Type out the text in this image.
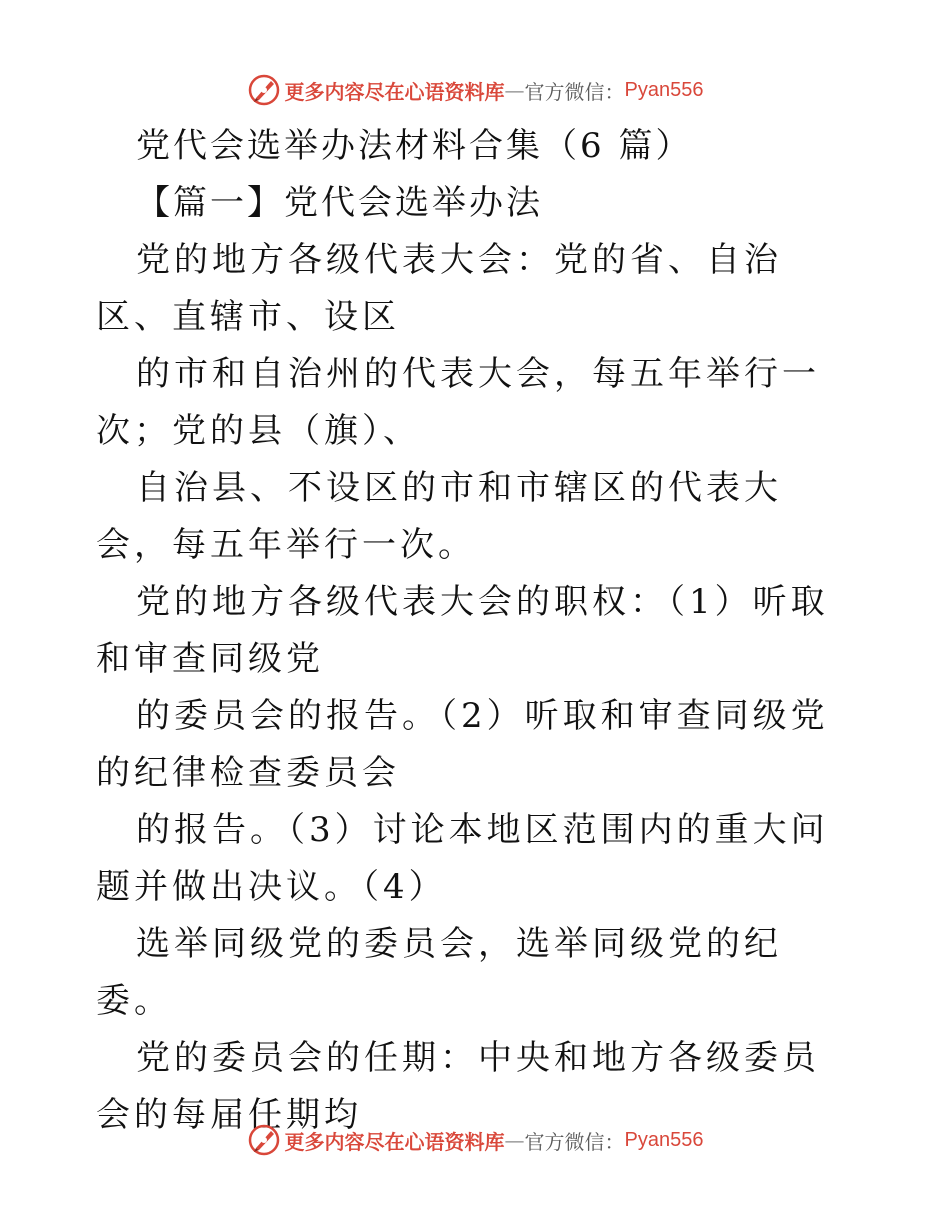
更多内容尽在心语资料库 — 官方微信： Pyan556

党代会选举办法材料合集（6 篇）

【篇一】党代会选举办法

党的地方各级代表大会：党的省、自治区、直辖市、设区

的市和自治州的代表大会，每五年举行一次；党的县（旗）、

自治县、不设区的市和市辖区的代表大会，每五年举行一次。

党的地方各级代表大会的职权：（1）听取和审查同级党

的委员会的报告。（2）听取和审查同级党的纪律检查委员会

的报告。（3）讨论本地区范围内的重大问题并做出决议。（4）

选举同级党的委员会，选举同级党的纪委。

党的委员会的任期：中央和地方各级委员会的每届任期均

更多内容尽在心语资料库 — 官方微信： Pyan556
